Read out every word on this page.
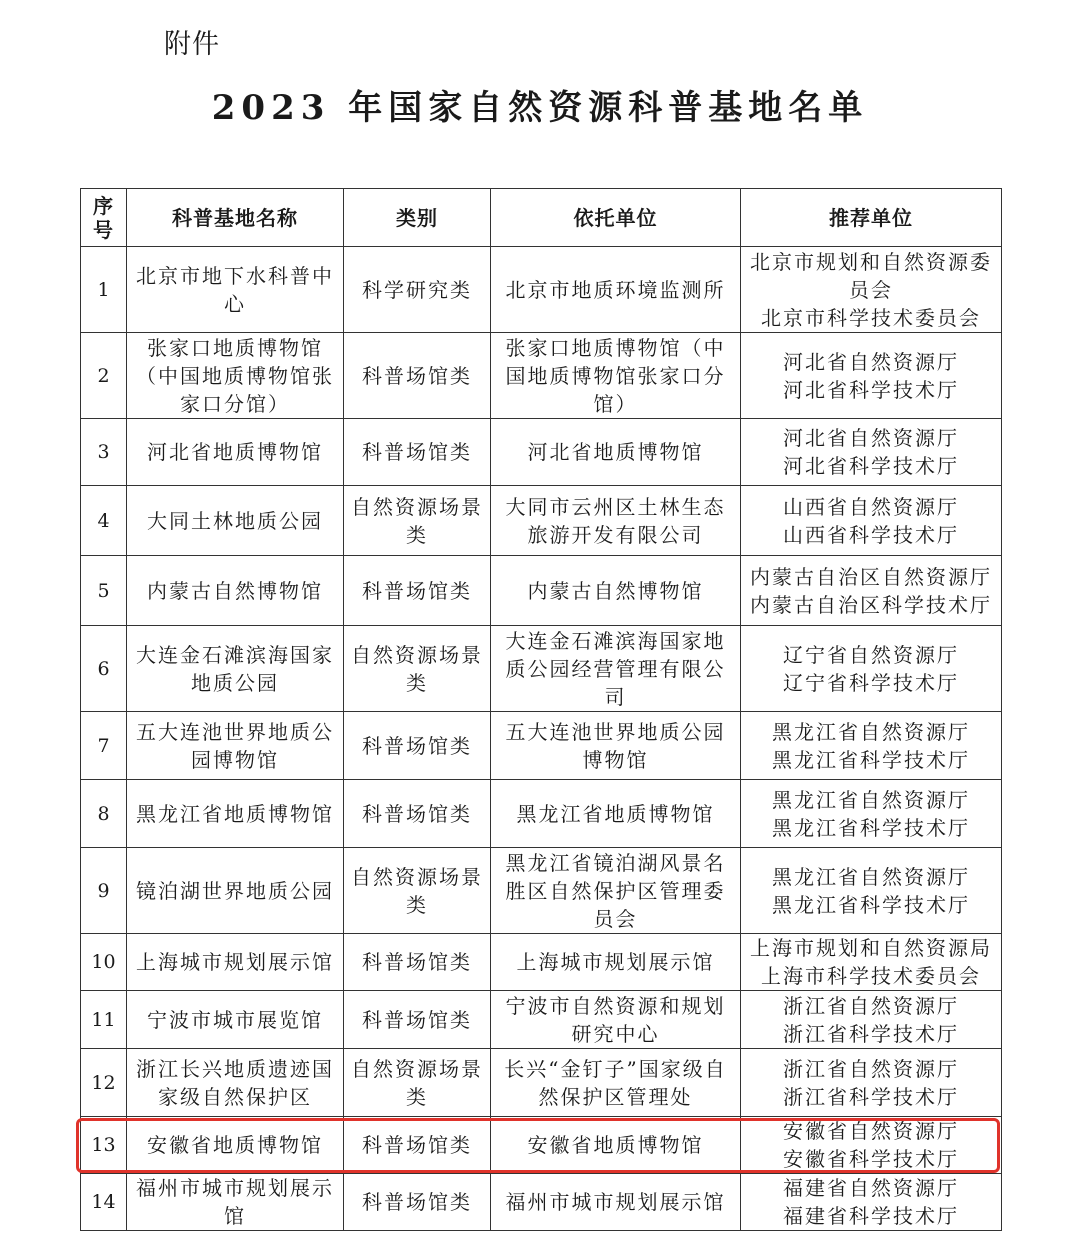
附件
2023 年国家自然资源科普基地名单
序号	科普基地名称	类别	依托单位	推荐单位
1	北京市地下水科普中心	科学研究类	北京市地质环境监测所	北京市规划和自然资源委员会
北京市科学技术委员会
2	张家口地质博物馆（中国地质博物馆张家口分馆）	科普场馆类	张家口地质博物馆（中国地质博物馆张家口分馆）	河北省自然资源厅
河北省科学技术厅
3	河北省地质博物馆	科普场馆类	河北省地质博物馆	河北省自然资源厅
河北省科学技术厅
4	大同土林地质公园	自然资源场景类	大同市云州区土林生态旅游开发有限公司	山西省自然资源厅
山西省科学技术厅
5	内蒙古自然博物馆	科普场馆类	内蒙古自然博物馆	内蒙古自治区自然资源厅
内蒙古自治区科学技术厅
6	大连金石滩滨海国家地质公园	自然资源场景类	大连金石滩滨海国家地质公园经营管理有限公司	辽宁省自然资源厅
辽宁省科学技术厅
7	五大连池世界地质公园博物馆	科普场馆类	五大连池世界地质公园博物馆	黑龙江省自然资源厅
黑龙江省科学技术厅
8	黑龙江省地质博物馆	科普场馆类	黑龙江省地质博物馆	黑龙江省自然资源厅
黑龙江省科学技术厅
9	镜泊湖世界地质公园	自然资源场景类	黑龙江省镜泊湖风景名胜区自然保护区管理委员会	黑龙江省自然资源厅
黑龙江省科学技术厅
10	上海城市规划展示馆	科普场馆类	上海城市规划展示馆	上海市规划和自然资源局
上海市科学技术委员会
11	宁波市城市展览馆	科普场馆类	宁波市自然资源和规划研究中心	浙江省自然资源厅
浙江省科学技术厅
12	浙江长兴地质遗迹国家级自然保护区	自然资源场景类	长兴“金钉子”国家级自然保护区管理处	浙江省自然资源厅
浙江省科学技术厅
13	安徽省地质博物馆	科普场馆类	安徽省地质博物馆	安徽省自然资源厅
安徽省科学技术厅
14	福州市城市规划展示馆	科普场馆类	福州市城市规划展示馆	福建省自然资源厅
福建省科学技术厅
